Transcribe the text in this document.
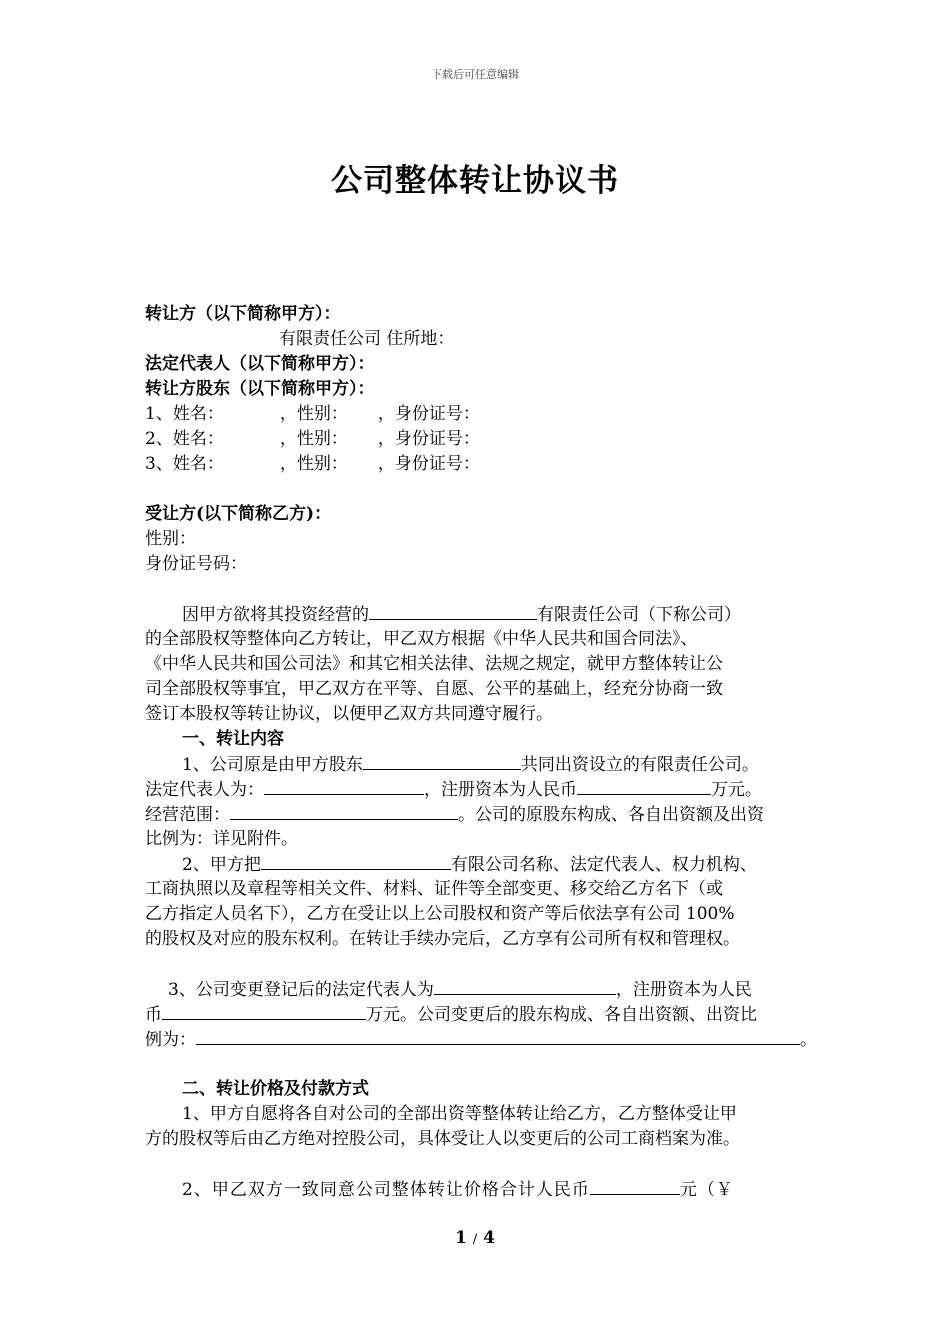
下载后可任意编辑
公司整体转让协议书
转让方（以下简称甲方）：
有限责任公司 住所地：
法定代表人（以下简称甲方）：
转让方股东（以下简称甲方）：
1、姓名：	，性别： ，身份证号：
2、姓名：	，性别： ，身份证号：
3、姓名：	，性别： ，身份证号：
受让方(以下简称乙方)：
性别：
身份证号码：
因甲方欲将其投资经营的	有限责任公司（下称公司）
的全部股权等整体向乙方转让，甲乙双方根据《中华人民共和国合同法》、
《中华人民共和国公司法》和其它相关法律、法规之规定，就甲方整体转让公
司全部股权等事宜，甲乙双方在平等、自愿、公平的基础上，经充分协商一致
签订本股权等转让协议，以便甲乙双方共同遵守履行。
一、转让内容
1、公司原是由甲方股东	共同出资设立的有限责任公司。
法定代表人为：	，注册资本为人民币	万元。
经营范围：	。公司的原股东构成、各自出资额及出资
比例为：详见附件。
2、甲方把	有限公司名称、法定代表人、权力机构、
工商执照以及章程等相关文件、材料、证件等全部变更、移交给乙方名下（或
乙方指定人员名下），乙方在受让以上公司股权和资产等后依法享有公司 100%
的股权及对应的股东权利。在转让手续办完后，乙方享有公司所有权和管理权。
3、公司变更登记后的法定代表人为	，注册资本为人民
币	万元。公司变更后的股东构成、各自出资额、出资比
例为：	。
二、转让价格及付款方式
1、甲方自愿将各自对公司的全部出资等整体转让给乙方，乙方整体受让甲
方的股权等后由乙方绝对控股公司，具体受让人以变更后的公司工商档案为准。
2、甲乙双方一致同意公司整体转让价格合计人民币	元（￥
1 / 4
